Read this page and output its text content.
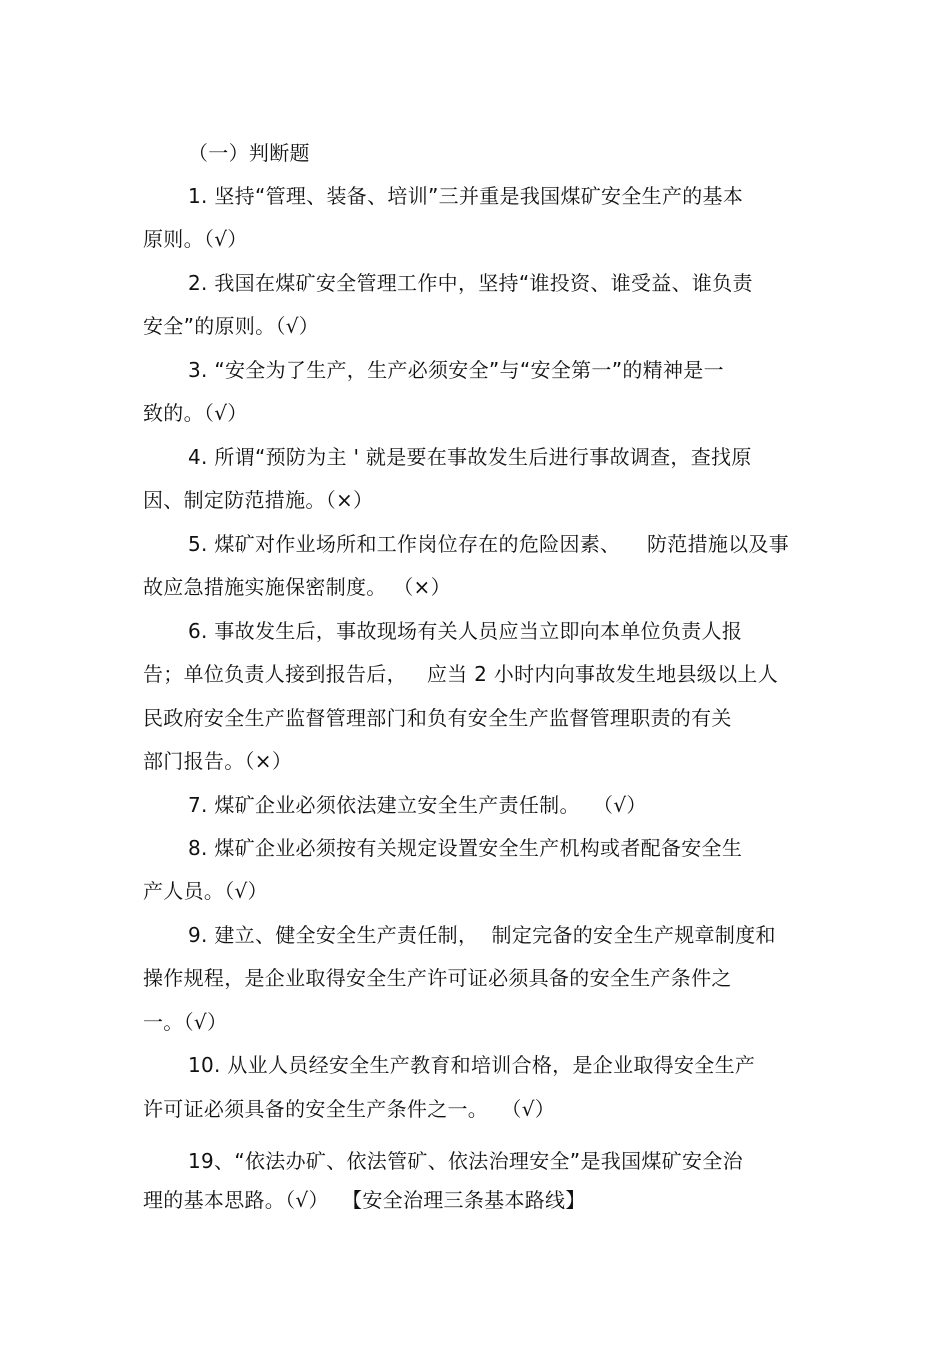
（一）判断题
1. 坚持“管理、装备、培训”三并重是我国煤矿安全生产的基本
原则。（√）
2. 我国在煤矿安全管理工作中，坚持“谁投资、谁受益、谁负责
安全”的原则。（√）
3. “安全为了生产，生产必须安全”与“安全第一”的精神是一
致的。（√）
4. 所谓“预防为主 ' 就是要在事故发生后进行事故调查，查找原
因、制定防范措施。（×）
5. 煤矿对作业场所和工作岗位存在的危险因素、    防范措施以及事
故应急措施实施保密制度。 （×）
6. 事故发生后，事故现场有关人员应当立即向本单位负责人报
告；单位负责人接到报告后，   应当 2 小时内向事故发生地县级以上人
民政府安全生产监督管理部门和负有安全生产监督管理职责的有关
部门报告。（×）
7. 煤矿企业必须依法建立安全生产责任制。  （√）
8. 煤矿企业必须按有关规定设置安全生产机构或者配备安全生
产人员。（√）
9. 建立、健全安全生产责任制，  制定完备的安全生产规章制度和
操作规程，是企业取得安全生产许可证必须具备的安全生产条件之
一。（√）
10. 从业人员经安全生产教育和培训合格，是企业取得安全生产
许可证必须具备的安全生产条件之一。  （√）
19、“依法办矿、依法管矿、依法治理安全”是我国煤矿安全治
理的基本思路。（√）  【安全治理三条基本路线】
